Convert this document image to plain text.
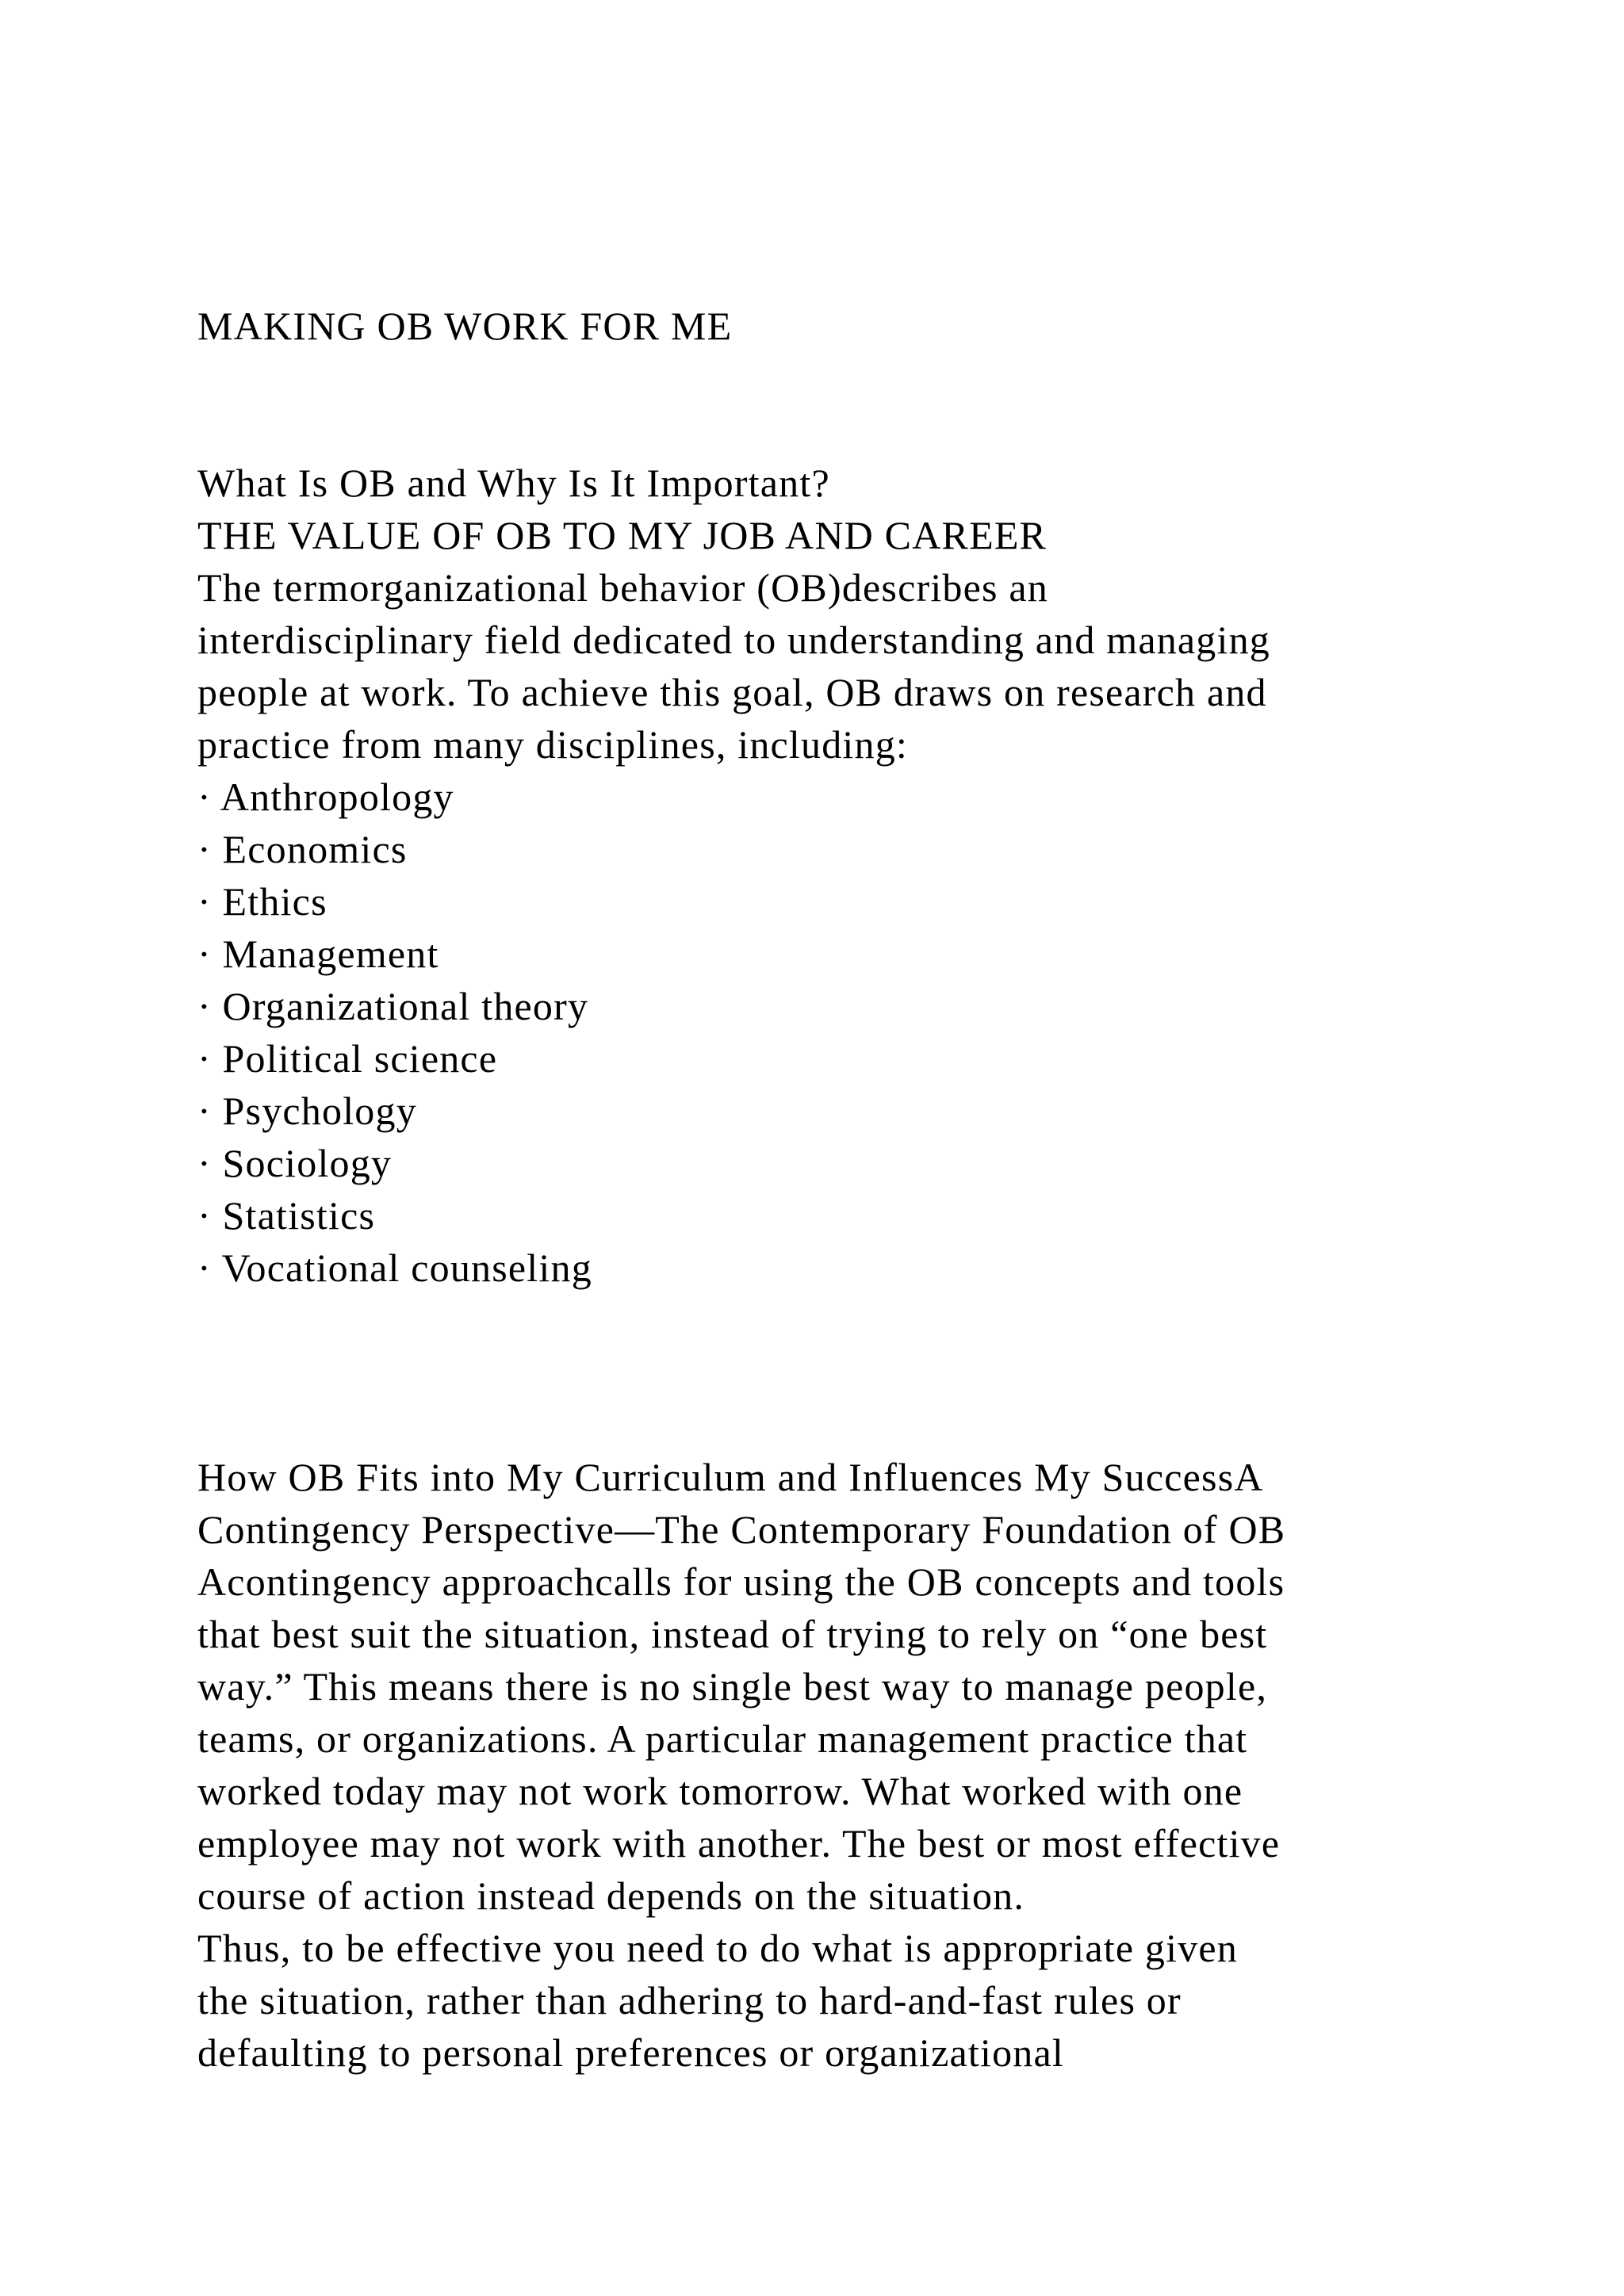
MAKING OB WORK FOR ME
What Is OB and Why Is It Important?
THE VALUE OF OB TO MY JOB AND CAREER
The termorganizational behavior (OB)describes an
interdisciplinary field dedicated to understanding and managing
people at work. To achieve this goal, OB draws on research and
practice from many disciplines, including:
· Anthropology
· Economics
· Ethics
· Management
· Organizational theory
· Political science
· Psychology
· Sociology
· Statistics
· Vocational counseling
How OB Fits into My Curriculum and Influences My SuccessA
Contingency Perspective—The Contemporary Foundation of OB
Acontingency approachcalls for using the OB concepts and tools
that best suit the situation, instead of trying to rely on “one best
way.” This means there is no single best way to manage people,
teams, or organizations. A particular management practice that
worked today may not work tomorrow. What worked with one
employee may not work with another. The best or most effective
course of action instead depends on the situation.
Thus, to be effective you need to do what is appropriate given
the situation, rather than adhering to hard-and-fast rules or
defaulting to personal preferences or organizational
